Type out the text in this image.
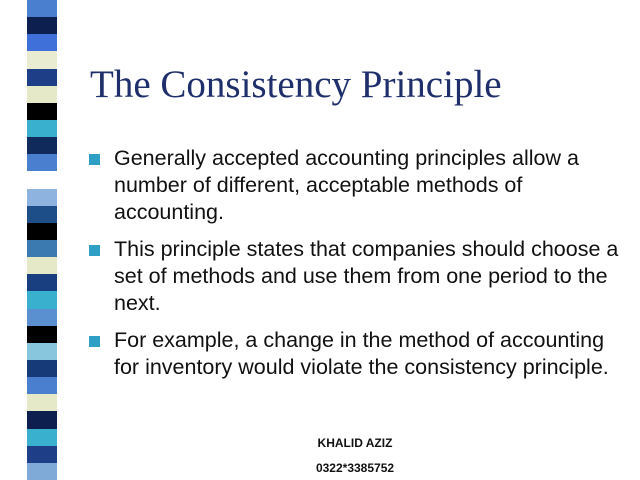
The Consistency Principle
Generally accepted accounting principles allow a number of different, acceptable methods of accounting.
This principle states that companies should choose a set of methods and use them from one period to the next.
For example, a change in the method of accounting for inventory would violate the consistency principle.
KHALID AZIZ
0322*3385752
